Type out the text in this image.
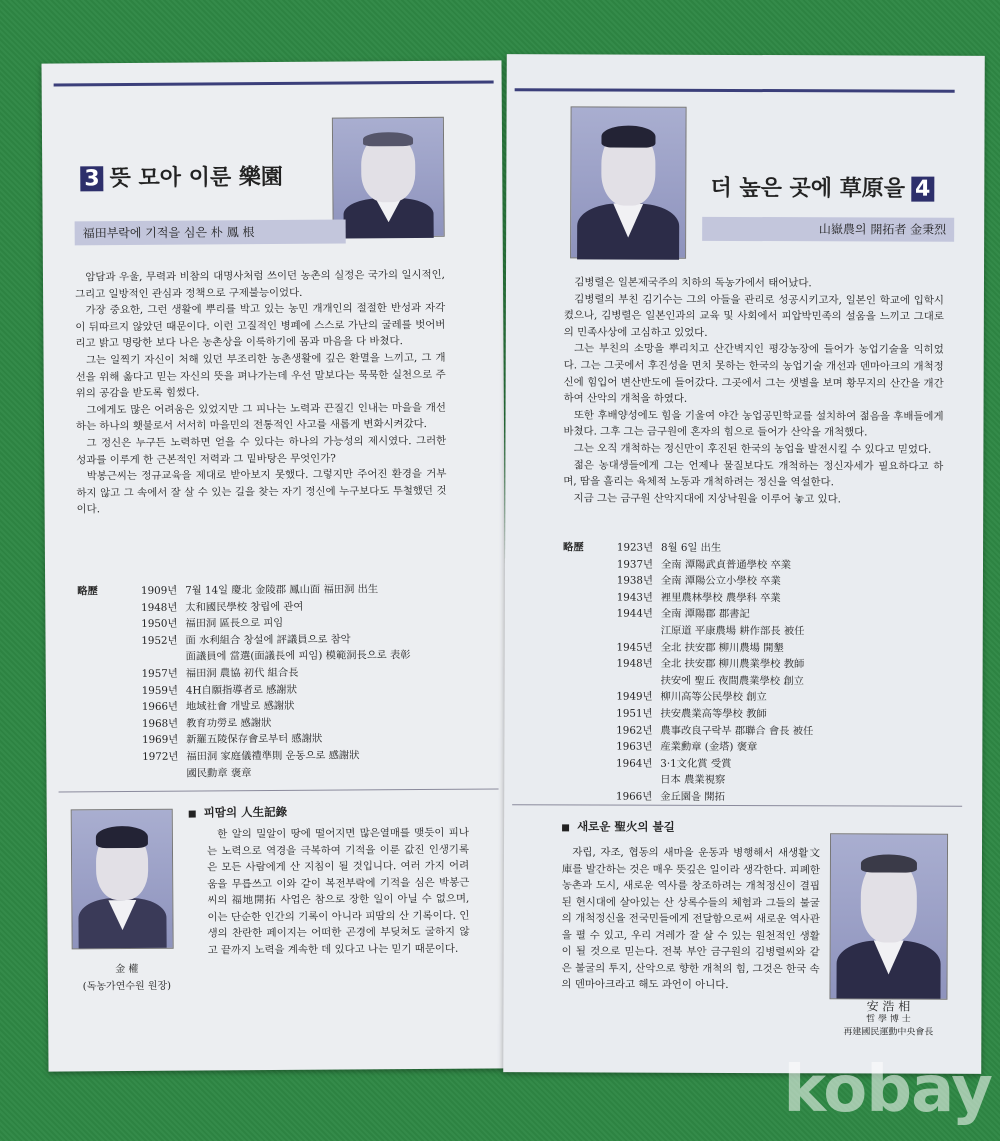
3 뜻 모아 이룬 樂園
福田부락에 기적을 심은 朴 鳳 根

암담과 우울, 무력과 비참의 대명사처럼 쓰이던 농촌의 실정은 국가의 일시적인, 그리고 일방적인 관심과 정책으로 구제불능이었다.

가장 중요한, 그런 생활에 뿌리를 박고 있는 농민 개개인의 절절한 반성과 자각이 뒤따르지 않았던 때문이다. 이런 고질적인 병폐에 스스로 가난의 굴레를 벗어버리고 밝고 명랑한 보다 나은 농촌상을 이룩하기에 몸과 마음을 다 바쳤다.

그는 일찍기 자신이 처해 있던 부조리한 농촌생활에 깊은 환멸을 느끼고, 그 개선을 위해 옳다고 믿는 자신의 뜻을 펴나가는데 우선 말보다는 묵묵한 실천으로 주위의 공감을 받도록 힘썼다.

그에게도 많은 어려움은 있었지만 그 피나는 노력과 끈질긴 인내는 마을을 개선하는 하나의 횃불로서 서서히 마을민의 전통적인 사고를 새롭게 변화시켜갔다.

그 정신은 누구든 노력하면 얻을 수 있다는 하나의 가능성의 제시였다. 그러한 성과를 이루게 한 근본적인 저력과 그 밑바탕은 무엇인가?

박봉근씨는 정규교육을 제대로 받아보지 못했다. 그렇지만 주어진 환경을 거부하지 않고 그 속에서 잘 살 수 있는 길을 찾는 자기 정신에 누구보다도 투철했던 것이다.

略歷	1909년 7월 14일 慶北 金陵郡 鳳山面 福田洞 出生
1948년 太和國民學校 창립에 관여
1950년 福田洞 區長으로 피임
1952년 面 水利組合 창설에 評議員으로 참악
面議員에 當選(面議長에 피임) 模範洞長으로 表彰
1957년 福田洞 農協 初代 組合長
1959년 4H自願指導者로 感謝狀
1966년 地域社會 개발로 感謝狀
1968년 教育功勞로 感謝狀
1969년 新羅五陵保存會로부터 感謝狀
1972년 福田洞 家庭儀禮準則 운동으로 感謝狀
國民勳章 褒章
金 權
(독농가연수원 원장)
피땀의 人生記錄

한 알의 밀알이 땅에 떨어지면 많은열매를 맺듯이 피나는 노력으로 역경을 극복하여 기적을 이룬 값진 인생기록은 모든 사람에게 산 지침이 될 것입니다. 여러 가지 어려움을 무릅쓰고 이와 같이 복전부락에 기적을 심은 박봉근씨의 福地開拓 사업은 참으로 장한 일이 아닐 수 없으며, 이는 단순한 인간의 기록이 아니라 피땀의 산 기록이다. 인생의 찬란한 페이지는 어떠한 곤경에 부딪쳐도 굴하지 않고 끝까지 노력을 계속한 데 있다고 나는 믿기 때문이다.

더 높은 곳에 草原을 4
山嶽農의 開拓者 金秉烈

김병렬은 일본제국주의 치하의 독농가에서 태어났다.

김병렬의 부친 김기수는 그의 아들을 관리로 성공시키고자, 일본인 학교에 입학시켰으나, 김병렬은 일본인과의 교육 및 사회에서 피압박민족의 설움을 느끼고 그대로의 민족사상에 고심하고 있었다.

그는 부친의 소망을 뿌리치고 산간벽지인 평강농장에 들어가 농업기술을 익히었다. 그는 그곳에서 후진성을 면치 못하는 한국의 농업기술 개선과 덴마아크의 개척정신에 힘입어 변산반도에 들어갔다. 그곳에서 그는 샛별을 보며 황무지의 산간을 개간하여 산악의 개척을 하였다.

또한 후배양성에도 힘을 기울여 야간 농업공민학교를 설치하여 젊음을 후배들에게 바쳤다. 그후 그는 금구원에 혼자의 힘으로 들어가 산악을 개척했다.

그는 오직 개척하는 정신만이 후진된 한국의 농업을 발전시킬 수 있다고 믿었다.

젊은 농대생들에게 그는 언제나 물질보다도 개척하는 정신자세가 필요하다고 하며, 땀을 흘리는 육체적 노동과 개척하려는 정신을 역설한다.

지금 그는 금구원 산악지대에 지상낙원을 이루어 놓고 있다.

略歷	1923년 8월 6일 出生
1937년 全南 潭陽武貞普通學校 卒業
1938년 全南 潭陽公立小學校 卒業
1943년 裡里農林學校 農學科 卒業
1944년 全南 潭陽郡 郡書記
江原道 平康農場 耕作部長 被任
1945년 全北 扶安郡 柳川農場 開墾
1948년 全北 扶安郡 柳川農業學校 教師
扶安에 聖丘 夜間農業學校 創立
1949년 柳川高等公民學校 創立
1951년 扶安農業高等學校 教師
1962년 農事改良구락부 郡聯合 會長 被任
1963년 産業勳章 (金塔) 褒章
1964년 3·1文化賞 受賞
日本 農業視察
1966년 金丘園을 開拓
새로운 聖火의 불길

자립, 자조, 협동의 새마을 운동과 병행해서 새생활文庫를 발간하는 것은 매우 뜻깊은 일이라 생각한다. 피폐한 농촌과 도시, 새로운 역사를 창조하려는 개척정신이 결핍된 현시대에 살아있는 산 상록수들의 체험과 그들의 불굴의 개척정신을 전국민들에게 전달함으로써 새로운 역사관을 펼 수 있고, 우리 겨레가 잘 살 수 있는 원천적인 생활이 될 것으로 믿는다. 전북 부안 금구원의 김병렬씨와 같은 불굴의 투지, 산악으로 향한 개척의 힘, 그것은 한국 속의 덴마아크라고 해도 과언이 아니다.

安 浩 相
哲 學 博 士
再建國民運動中央會長
kobay
